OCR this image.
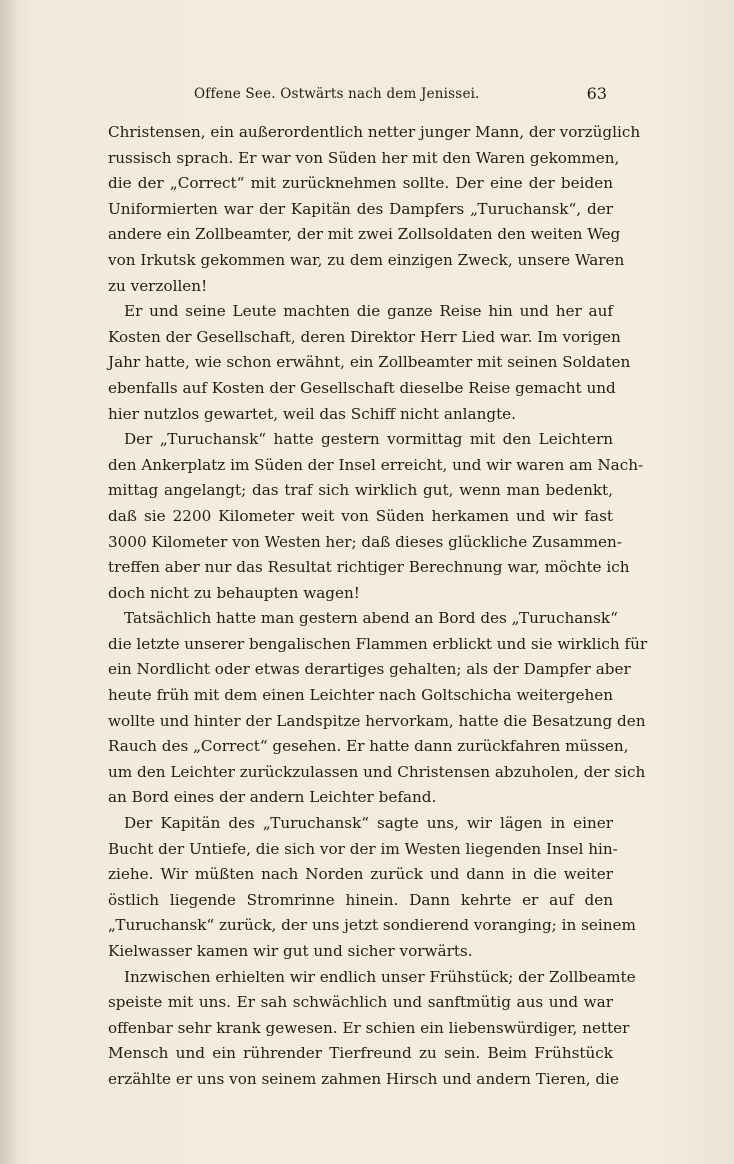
Offene See. Ostwärts nach dem Jenissei.	63
Christensen, ein außerordentlich netter junger Mann, der vorzüglich
russisch sprach. Er war von Süden her mit den Waren gekommen,
die der „Correct“ mit zurücknehmen sollte. Der eine der beiden
Uniformierten war der Kapitän des Dampfers „Turuchansk“, der
andere ein Zollbeamter, der mit zwei Zollsoldaten den weiten Weg
von Irkutsk gekommen war, zu dem einzigen Zweck, unsere Waren
zu verzollen!
Er und seine Leute machten die ganze Reise hin und her auf
Kosten der Gesellschaft, deren Direktor Herr Lied war. Im vorigen
Jahr hatte, wie schon erwähnt, ein Zollbeamter mit seinen Soldaten
ebenfalls auf Kosten der Gesellschaft dieselbe Reise gemacht und
hier nutzlos gewartet, weil das Schiff nicht anlangte.
Der „Turuchansk“ hatte gestern vormittag mit den Leichtern
den Ankerplatz im Süden der Insel erreicht, und wir waren am Nach-
mittag angelangt; das traf sich wirklich gut, wenn man bedenkt,
daß sie 2200 Kilometer weit von Süden herkamen und wir fast
3000 Kilometer von Westen her; daß dieses glückliche Zusammen-
treffen aber nur das Resultat richtiger Berechnung war, möchte ich
doch nicht zu behaupten wagen!
Tatsächlich hatte man gestern abend an Bord des „Turuchansk“
die letzte unserer bengalischen Flammen erblickt und sie wirklich für
ein Nordlicht oder etwas derartiges gehalten; als der Dampfer aber
heute früh mit dem einen Leichter nach Goltschicha weitergehen
wollte und hinter der Landspitze hervorkam, hatte die Besatzung den
Rauch des „Correct“ gesehen. Er hatte dann zurückfahren müssen,
um den Leichter zurückzulassen und Christensen abzuholen, der sich
an Bord eines der andern Leichter befand.
Der Kapitän des „Turuchansk“ sagte uns, wir lägen in einer
Bucht der Untiefe, die sich vor der im Westen liegenden Insel hin-
ziehe. Wir müßten nach Norden zurück und dann in die weiter
östlich liegende Stromrinne hinein. Dann kehrte er auf den
„Turuchansk“ zurück, der uns jetzt sondierend voranging; in seinem
Kielwasser kamen wir gut und sicher vorwärts.
Inzwischen erhielten wir endlich unser Frühstück; der Zollbeamte
speiste mit uns. Er sah schwächlich und sanftmütig aus und war
offenbar sehr krank gewesen. Er schien ein liebenswürdiger, netter
Mensch und ein rührender Tierfreund zu sein. Beim Frühstück
erzählte er uns von seinem zahmen Hirsch und andern Tieren, die
